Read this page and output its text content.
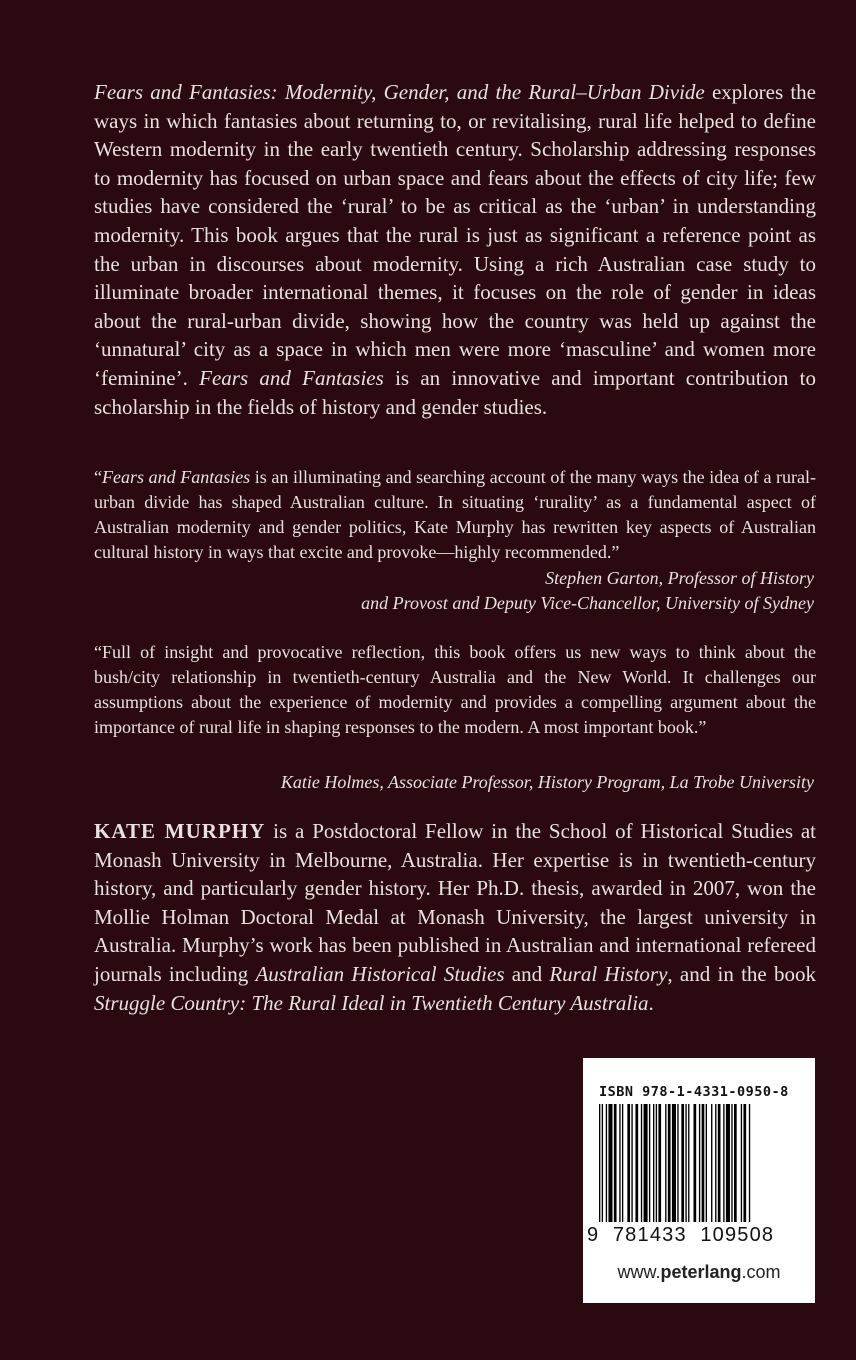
Fears and Fantasies: Modernity, Gender, and the Rural–Urban Divide explores the ways in which fantasies about returning to, or revitalising, rural life helped to define Western modernity in the early twentieth century. Scholarship addressing responses to modernity has focused on urban space and fears about the effects of city life; few studies have considered the ‘rural’ to be as critical as the ‘urban’ in understanding modernity. This book argues that the rural is just as significant a reference point as the urban in discourses about modernity. Using a rich Australian case study to illuminate broader international themes, it focuses on the role of gender in ideas about the rural-urban divide, showing how the country was held up against the ‘unnatural’ city as a space in which men were more ‘masculine’ and women more ‘feminine’. Fears and Fantasies is an innovative and important contribution to scholarship in the fields of history and gender studies.

“Fears and Fantasies is an illuminating and searching account of the many ways the idea of a rural-urban divide has shaped Australian culture. In situating ‘rurality’ as a fundamental aspect of Australian modernity and gender politics, Kate Murphy has rewritten key aspects of Australian cultural history in ways that excite and provoke—highly recommended.”

Stephen Garton, Professor of History
and Provost and Deputy Vice-Chancellor, University of Sydney

“Full of insight and provocative reflection, this book offers us new ways to think about the bush/city relationship in twentieth-century Australia and the New World. It challenges our assumptions about the experience of modernity and provides a compelling argument about the importance of rural life in shaping responses to the modern. A most important book.”

Katie Holmes, Associate Professor, History Program, La Trobe University

KATE MURPHY is a Postdoctoral Fellow in the School of Historical Studies at Monash University in Melbourne, Australia. Her expertise is in twentieth-century history, and particularly gender history. Her Ph.D. thesis, awarded in 2007, won the Mollie Holman Doctoral Medal at Monash University, the largest university in Australia. Murphy’s work has been published in Australian and international refereed journals including Australian Historical Studies and Rural History, and in the book Struggle Country: The Rural Ideal in Twentieth Century Australia.

ISBN 978-1-4331-0950-8
9 781433 109508
www.peterlang.com
